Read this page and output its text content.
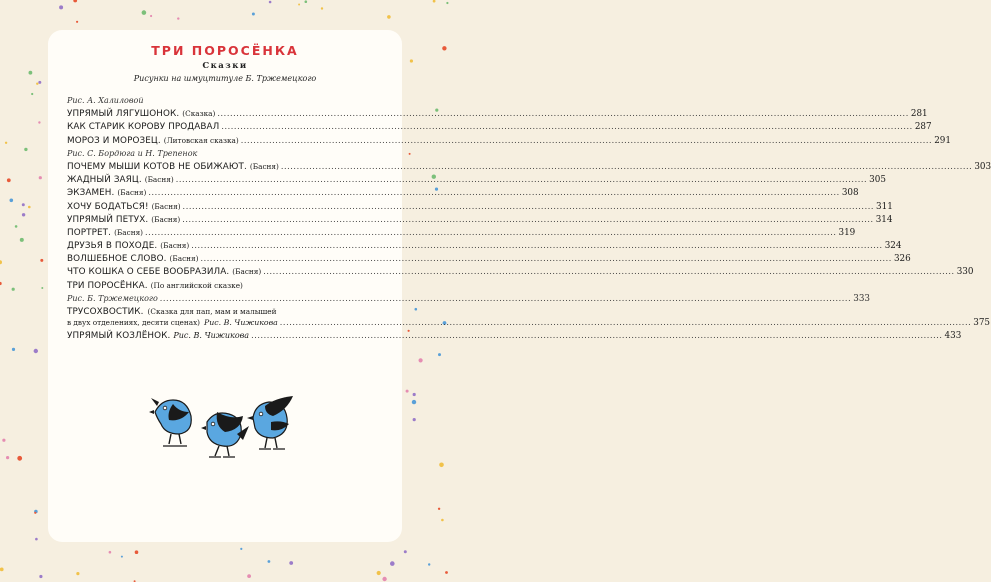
ТРИ ПОРОСЁНКА
Сказки
Рисунки на шмуцтитуле Б. Тржемецкого
Рис. А. Халиловой
УПРЯМЫЙ ЛЯГУШОНОК. (Сказка) ............................................................................................................................................................................................................................ 281
КАК СТАРИК КОРОВУ ПРОДАВАЛ ............................................................................................................................................................................................................................ 287
МОРОЗ И МОРОЗЕЦ. (Литовская сказка) ............................................................................................................................................................................................................................ 291
Рис. С. Бордюга и Н. Трепенок
ПОЧЕМУ МЫШИ КОТОВ НЕ ОБИЖАЮТ. (Басня) ............................................................................................................................................................................................................................ 303
ЖАДНЫЙ ЗАЯЦ. (Басня) ............................................................................................................................................................................................................................ 305
ЭКЗАМЕН. (Басня) ............................................................................................................................................................................................................................ 308
ХОЧУ БОДАТЬСЯ! (Басня) ............................................................................................................................................................................................................................ 311
УПРЯМЫЙ ПЕТУХ. (Басня) ............................................................................................................................................................................................................................ 314
ПОРТРЕТ. (Басня) ............................................................................................................................................................................................................................ 319
ДРУЗЬЯ В ПОХОДЕ. (Басня) ............................................................................................................................................................................................................................ 324
ВОЛШЕБНОЕ СЛОВО. (Басня) ............................................................................................................................................................................................................................ 326
ЧТО КОШКА О СЕБЕ ВООБРАЗИЛА. (Басня) ............................................................................................................................................................................................................................ 330
ТРИ ПОРОСЁНКА. (По английской сказке)
Рис. Б. Тржемецкого ............................................................................................................................................................................................................................ 333
ТРУСОХВОСТИК. (Сказка для пап, мам и малышей
в двух отделениях, десяти сценах) Рис. В. Чижикова ............................................................................................................................................................................................................................ 375
УПРЯМЫЙ КОЗЛЁНОК. Рис. В. Чижикова ............................................................................................................................................................................................................................ 433
